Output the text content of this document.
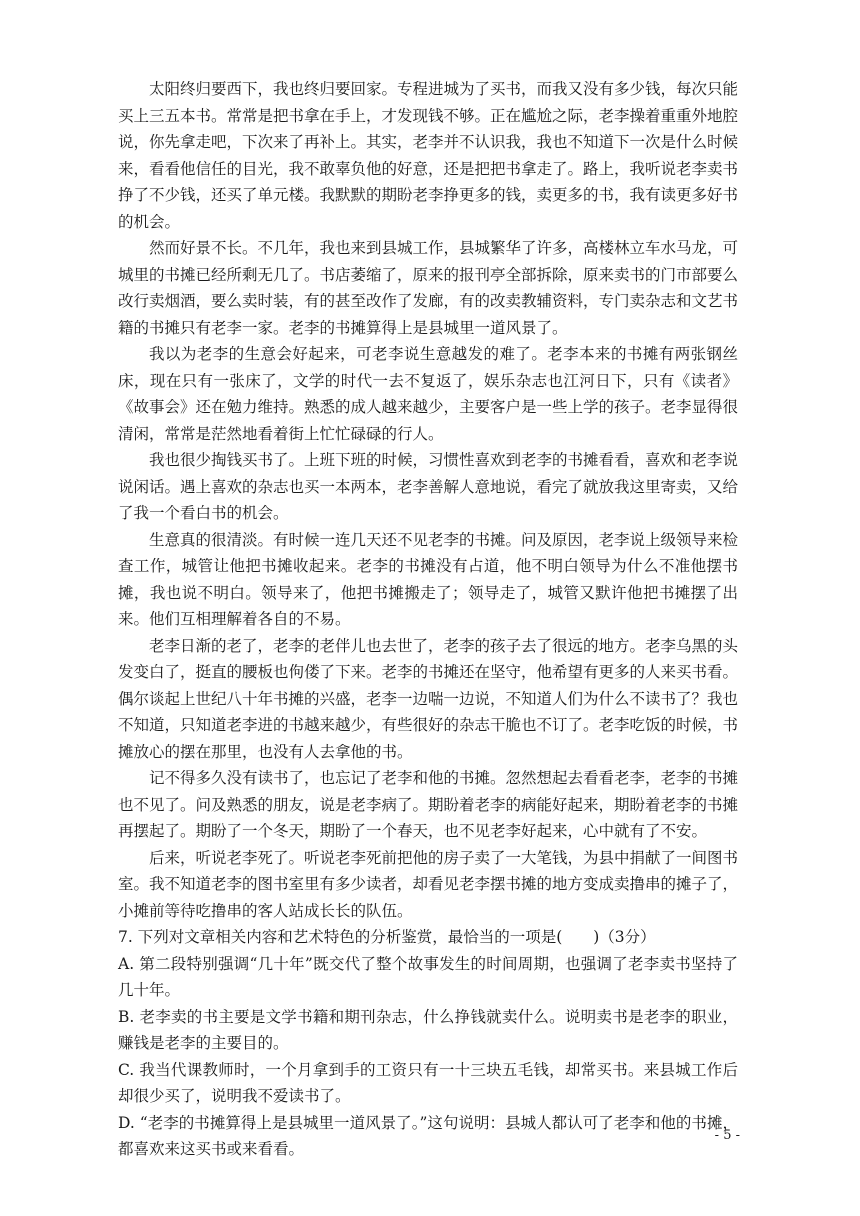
太阳终归要西下，我也终归要回家。专程进城为了买书，而我又没有多少钱，每次只能买上三五本书。常常是把书拿在手上，才发现钱不够。正在尴尬之际，老李操着重重外地腔说，你先拿走吧，下次来了再补上。其实，老李并不认识我，我也不知道下一次是什么时候来，看看他信任的目光，我不敢辜负他的好意，还是把把书拿走了。路上，我听说老李卖书挣了不少钱，还买了单元楼。我默默的期盼老李挣更多的钱，卖更多的书，我有读更多好书的机会。

然而好景不长。不几年，我也来到县城工作，县城繁华了许多，高楼林立车水马龙，可城里的书摊已经所剩无几了。书店萎缩了，原来的报刊亭全部拆除，原来卖书的门市部要么改行卖烟酒，要么卖时装，有的甚至改作了发廊，有的改卖教辅资料，专门卖杂志和文艺书籍的书摊只有老李一家。老李的书摊算得上是县城里一道风景了。

我以为老李的生意会好起来，可老李说生意越发的难了。老李本来的书摊有两张钢丝床，现在只有一张床了，文学的时代一去不复返了，娱乐杂志也江河日下，只有《读者》《故事会》还在勉力维持。熟悉的成人越来越少，主要客户是一些上学的孩子。老李显得很清闲，常常是茫然地看着街上忙忙碌碌的行人。

我也很少掏钱买书了。上班下班的时候，习惯性喜欢到老李的书摊看看，喜欢和老李说说闲话。遇上喜欢的杂志也买一本两本，老李善解人意地说，看完了就放我这里寄卖，又给了我一个看白书的机会。

生意真的很清淡。有时候一连几天还不见老李的书摊。问及原因，老李说上级领导来检查工作，城管让他把书摊收起来。老李的书摊没有占道，他不明白领导为什么不准他摆书摊，我也说不明白。领导来了，他把书摊搬走了；领导走了，城管又默许他把书摊摆了出来。他们互相理解着各自的不易。

老李日渐的老了，老李的老伴儿也去世了，老李的孩子去了很远的地方。老李乌黑的头发变白了，挺直的腰板也佝偻了下来。老李的书摊还在坚守，他希望有更多的人来买书看。偶尔谈起上世纪八十年书摊的兴盛，老李一边喘一边说，不知道人们为什么不读书了？我也不知道，只知道老李进的书越来越少，有些很好的杂志干脆也不订了。老李吃饭的时候，书摊放心的摆在那里，也没有人去拿他的书。

记不得多久没有读书了，也忘记了老李和他的书摊。忽然想起去看看老李，老李的书摊也不见了。问及熟悉的朋友，说是老李病了。期盼着老李的病能好起来，期盼着老李的书摊再摆起了。期盼了一个冬天，期盼了一个春天，也不见老李好起来，心中就有了不安。

后来，听说老李死了。听说老李死前把他的房子卖了一大笔钱，为县中捐献了一间图书室。我不知道老李的图书室里有多少读者，却看见老李摆书摊的地方变成卖撸串的摊子了，小摊前等待吃撸串的客人站成长长的队伍。

7. 下列对文章相关内容和艺术特色的分析鉴赏，最恰当的一项是(　　)（3分）

A. 第二段特别强调“几十年”既交代了整个故事发生的时间周期，也强调了老李卖书坚持了几十年。

B. 老李卖的书主要是文学书籍和期刊杂志，什么挣钱就卖什么。说明卖书是老李的职业，赚钱是老李的主要目的。

C. 我当代课教师时，一个月拿到手的工资只有一十三块五毛钱，却常买书。来县城工作后却很少买了，说明我不爱读书了。

D. “老李的书摊算得上是县城里一道风景了。”这句说明：县城人都认可了老李和他的书摊，都喜欢来这买书或来看看。

- 5 -
